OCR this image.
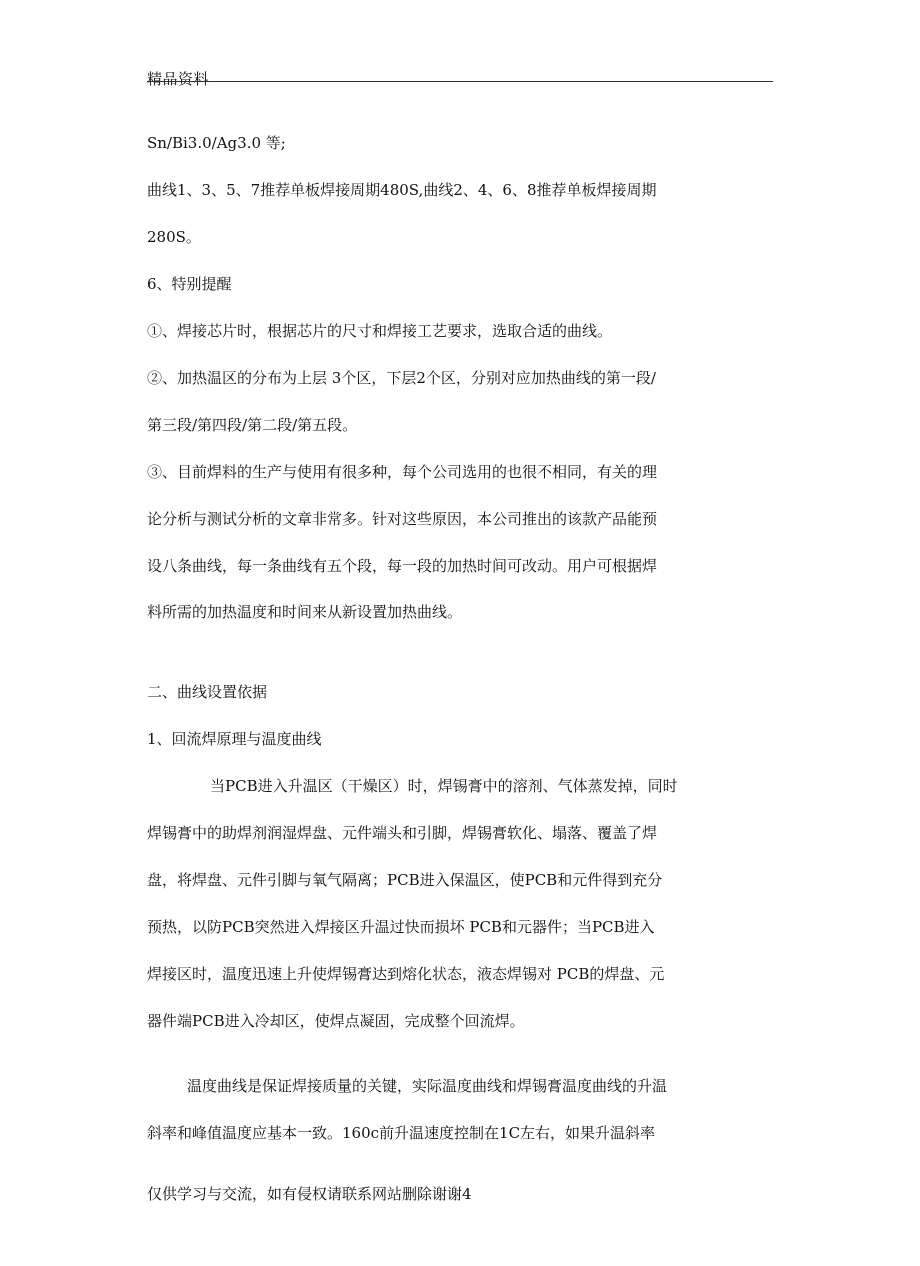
精品资料
Sn/Bi3.0/Ag3.0 等;
曲线1、3、5、7推荐单板焊接周期480S,曲线2、4、6、8推荐单板焊接周期
280S。
6、特别提醒
①、焊接芯片时，根据芯片的尺寸和焊接工艺要求，选取合适的曲线。
②、加热温区的分布为上层 3个区，下层2个区，分别对应加热曲线的第一段/
第三段/第四段/第二段/第五段。
③、目前焊料的生产与使用有很多种，每个公司选用的也很不相同，有关的理
论分析与测试分析的文章非常多。针对这些原因，本公司推出的该款产品能预
设八条曲线，每一条曲线有五个段，每一段的加热时间可改动。用户可根据焊
料所需的加热温度和时间来从新设置加热曲线。
二、曲线设置依据
1、回流焊原理与温度曲线
当PCB进入升温区（干燥区）时，焊锡膏中的溶剂、气体蒸发掉，同时
焊锡膏中的助焊剂润湿焊盘、元件端头和引脚，焊锡膏软化、塌落、覆盖了焊
盘，将焊盘、元件引脚与氧气隔离；PCB进入保温区，使PCB和元件得到充分
预热，以防PCB突然进入焊接区升温过快而损坏 PCB和元器件；当PCB进入
焊接区时，温度迅速上升使焊锡膏达到熔化状态，液态焊锡对 PCB的焊盘、元
器件端PCB进入冷却区，使焊点凝固，完成整个回流焊。
温度曲线是保证焊接质量的关键，实际温度曲线和焊锡膏温度曲线的升温
斜率和峰值温度应基本一致。160c前升温速度控制在1C左右，如果升温斜率
仅供学习与交流，如有侵权请联系网站删除谢谢4
